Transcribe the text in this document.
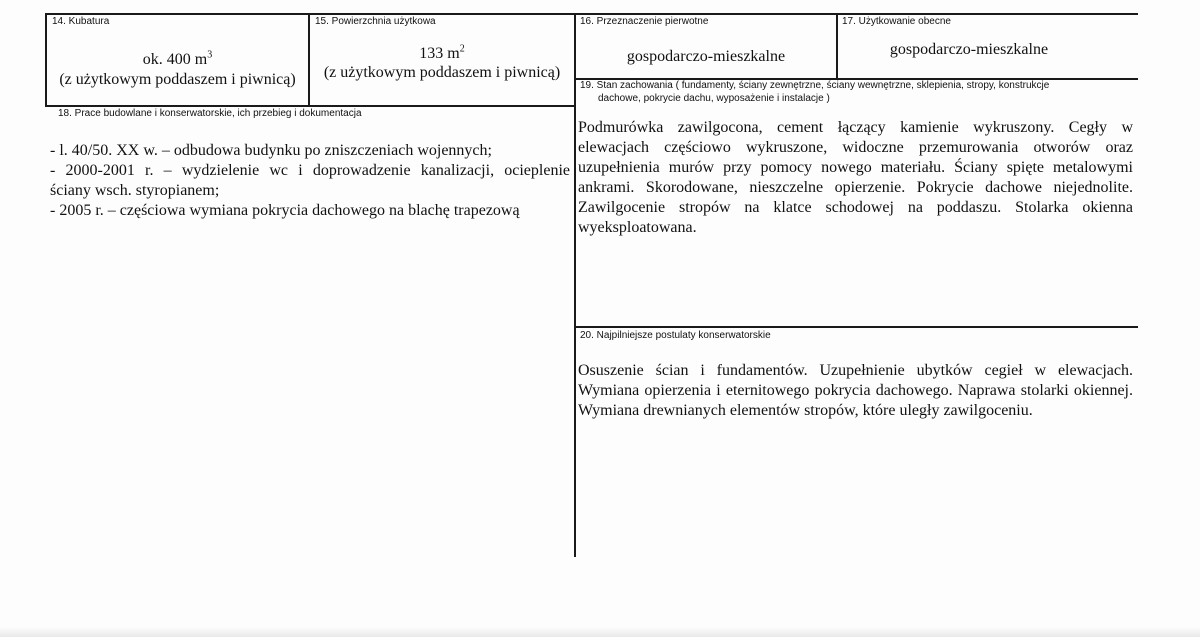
14. Kubatura
ok. 400 $m^3$
(z użytkowym poddaszem i piwnicą)
15. Powierzchnia użytkowa
133 $m^2$
(z użytkowym poddaszem i piwnicą)
16. Przeznaczenie pierwotne
gospodarczo-mieszkalne
17. Użytkowanie obecne
gospodarczo-mieszkalne
18. Prace budowlane i konserwatorskie, ich przebieg i dokumentacja
- l. 40/50. XX w. – odbudowa budynku po zniszczeniach wojennych;
- 2000-2001 r. – wydzielenie wc i doprowadzenie kanalizacji, ocieplenie
ściany wsch. styropianem;
- 2005 r. – częściowa wymiana pokrycia dachowego na blachę trapezową
19. Stan zachowania ( fundamenty, ściany zewnętrzne, ściany wewnętrzne, sklepienia, stropy, konstrukcje
dachowe, pokrycie dachu, wyposażenie i instalacje )
Podmurówka zawilgocona, cement łączący kamienie wykruszony. Cegły w elewacjach częściowo wykruszone, widoczne przemurowania otworów oraz uzupełnienia murów przy pomocy nowego materiału. Ściany spięte metalowymi ankrami. Skorodowane, nieszczelne opierzenie. Pokrycie dachowe niejednolite. Zawilgocenie stropów na klatce schodowej na poddaszu. Stolarka okienna wyeksploatowana.
20. Najpilniejsze postulaty konserwatorskie
Osuszenie ścian i fundamentów. Uzupełnienie ubytków cegieł w elewacjach. Wymiana opierzenia i eternitowego pokrycia dachowego. Naprawa stolarki okiennej. Wymiana drewnianych elementów stropów, które uległy zawilgoceniu.
